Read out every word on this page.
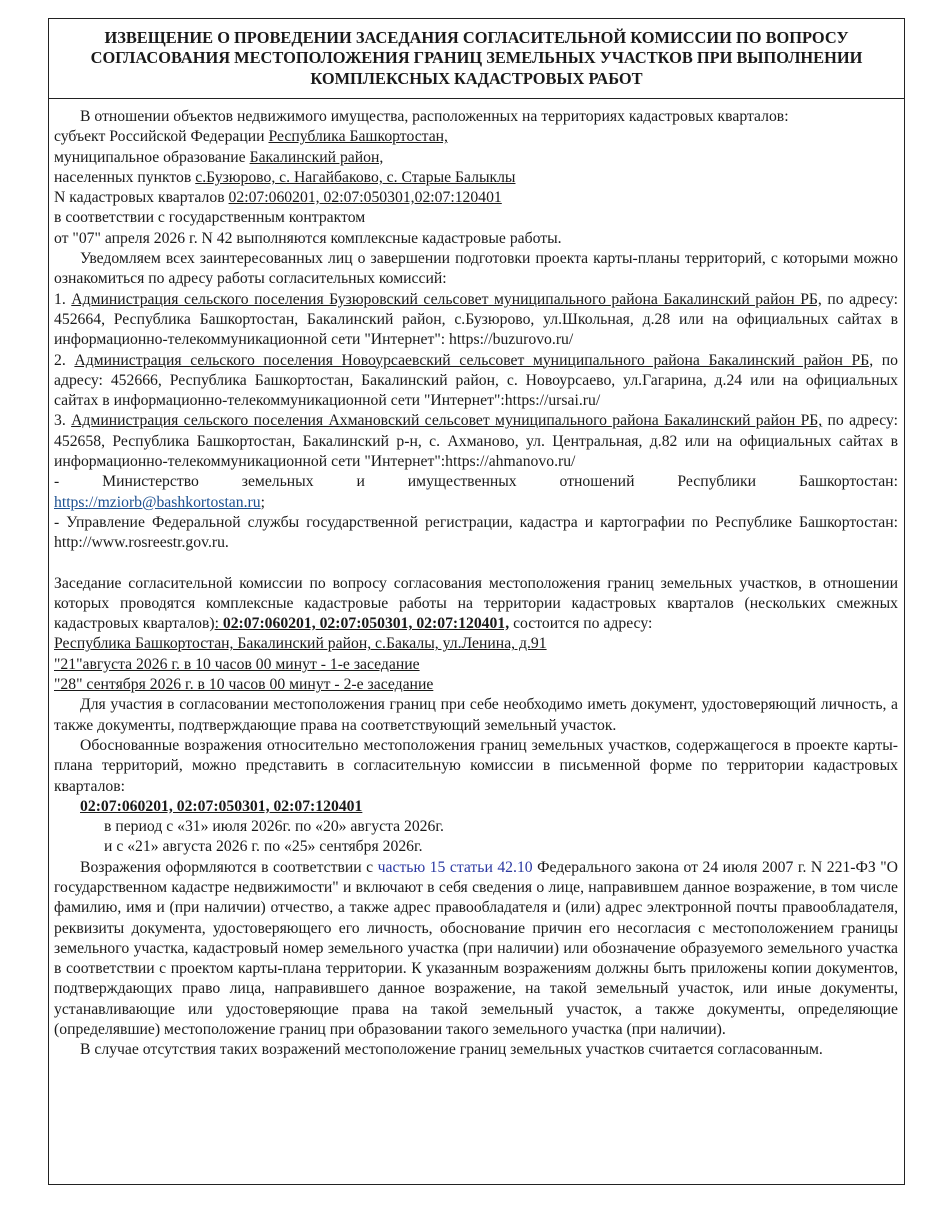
ИЗВЕЩЕНИЕ О ПРОВЕДЕНИИ ЗАСЕДАНИЯ СОГЛАСИТЕЛЬНОЙ КОМИССИИ ПО ВОПРОСУ СОГЛАСОВАНИЯ МЕСТОПОЛОЖЕНИЯ ГРАНИЦ ЗЕМЕЛЬНЫХ УЧАСТКОВ ПРИ ВЫПОЛНЕНИИ КОМПЛЕКСНЫХ КАДАСТРОВЫХ РАБОТ

В отношении объектов недвижимого имущества, расположенных на территориях кадастровых кварталов:

субъект Российской Федерации Республика Башкортостан,

муниципальное образование Бакалинский район,

населенных пунктов с.Бузюрово, с. Нагайбаково, с. Старые Балыклы

N кадастровых кварталов 02:07:060201, 02:07:050301,02:07:120401

в соответствии с государственным контрактом

от "07" апреля 2026 г. N 42 выполняются комплексные кадастровые работы.

Уведомляем всех заинтересованных лиц о завершении подготовки проекта карты-планы территорий, с которыми можно ознакомиться по адресу работы согласительных комиссий:

1. Администрация сельского поселения Бузюровский сельсовет муниципального района Бакалинский район РБ, по адресу: 452664, Республика Башкортостан, Бакалинский район, с.Бузюрово, ул.Школьная, д.28 или на официальных сайтах в информационно-телекоммуникационной сети "Интернет": https://buzurovo.ru/

2. Администрация сельского поселения Новоурсаевский сельсовет муниципального района Бакалинский район РБ, по адресу: 452666, Республика Башкортостан, Бакалинский район, с. Новоурсаево, ул.Гагарина, д.24 или на официальных сайтах в информационно-телекоммуникационной сети "Интернет":https://ursai.ru/

3. Администрация сельского поселения Ахмановский сельсовет муниципального района Бакалинский район РБ, по адресу: 452658, Республика Башкортостан, Бакалинский р-н, с. Ахманово, ул. Центральная, д.82 или на официальных сайтах в информационно-телекоммуникационной сети "Интернет":https://ahmanovo.ru/

-	Министерство	земельных	и	имущественных	отношений	Республики	Башкортостан:

https://mziorb@bashkortostan.ru;

- Управление Федеральной службы государственной регистрации, кадастра и картографии по Республике Башкортостан: http://www.rosreestr.gov.ru.

Заседание согласительной комиссии по вопросу согласования местоположения границ земельных участков, в отношении которых проводятся комплексные кадастровые работы на территории кадастровых кварталов (нескольких смежных кадастровых кварталов): 02:07:060201, 02:07:050301, 02:07:120401, состоится по адресу:

Республика Башкортостан, Бакалинский район, с.Бакалы, ул.Ленина, д.91

"21"августа 2026 г. в 10 часов 00 минут - 1-е заседание

"28" сентября 2026 г. в 10 часов 00 минут - 2-е заседание

Для участия в согласовании местоположения границ при себе необходимо иметь документ, удостоверяющий личность, а также документы, подтверждающие права на соответствующий земельный участок.

Обоснованные возражения относительно местоположения границ земельных участков, содержащегося в проекте карты-плана территорий, можно представить в согласительную комиссии в письменной форме по территории кадастровых кварталов:

02:07:060201, 02:07:050301, 02:07:120401

в период с «31» июля 2026г. по «20» августа 2026г.

и с «21» августа 2026 г. по «25» сентября 2026г.

Возражения оформляются в соответствии с частью 15 статьи 42.10 Федерального закона от 24 июля 2007 г. N 221-ФЗ "О государственном кадастре недвижимости" и включают в себя сведения о лице, направившем данное возражение, в том числе фамилию, имя и (при наличии) отчество, а также адрес правообладателя и (или) адрес электронной почты правообладателя, реквизиты документа, удостоверяющего его личность, обоснование причин его несогласия с местоположением границы земельного участка, кадастровый номер земельного участка (при наличии) или обозначение образуемого земельного участка в соответствии с проектом карты-плана территории. К указанным возражениям должны быть приложены копии документов, подтверждающих право лица, направившего данное возражение, на такой земельный участок, или иные документы, устанавливающие или удостоверяющие права на такой земельный участок, а также документы, определяющие (определявшие) местоположение границ при образовании такого земельного участка (при наличии).

В случае отсутствия таких возражений местоположение границ земельных участков считается согласованным.
